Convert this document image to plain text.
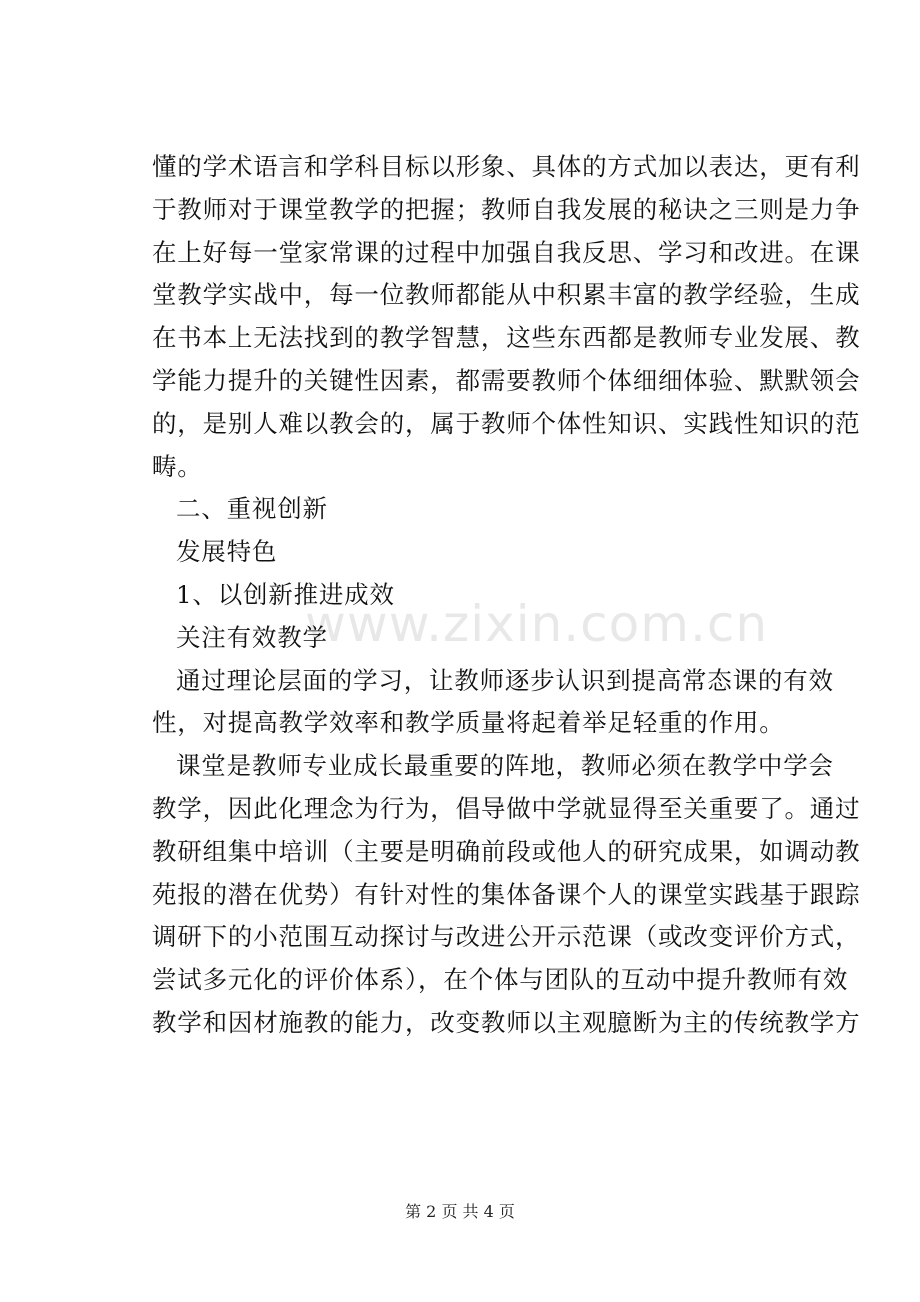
懂的学术语言和学科目标以形象、具体的方式加以表达，更有利
于教师对于课堂教学的把握；教师自我发展的秘诀之三则是力争
在上好每一堂家常课的过程中加强自我反思、学习和改进。在课
堂教学实战中，每一位教师都能从中积累丰富的教学经验，生成
在书本上无法找到的教学智慧，这些东西都是教师专业发展、教
学能力提升的关键性因素，都需要教师个体细细体验、默默领会
的，是别人难以教会的，属于教师个体性知识、实践性知识的范
畴。
二、重视创新
发展特色
1、以创新推进成效
关注有效教学
通过理论层面的学习，让教师逐步认识到提高常态课的有效
性，对提高教学效率和教学质量将起着举足轻重的作用。
课堂是教师专业成长最重要的阵地，教师必须在教学中学会
教学，因此化理念为行为，倡导做中学就显得至关重要了。通过
教研组集中培训（主要是明确前段或他人的研究成果，如调动教
苑报的潜在优势）有针对性的集体备课个人的课堂实践基于跟踪
调研下的小范围互动探讨与改进公开示范课（或改变评价方式，
尝试多元化的评价体系），在个体与团队的互动中提升教师有效
教学和因材施教的能力，改变教师以主观臆断为主的传统教学方
www.zixin.com.cn
第 2 页 共 4 页
